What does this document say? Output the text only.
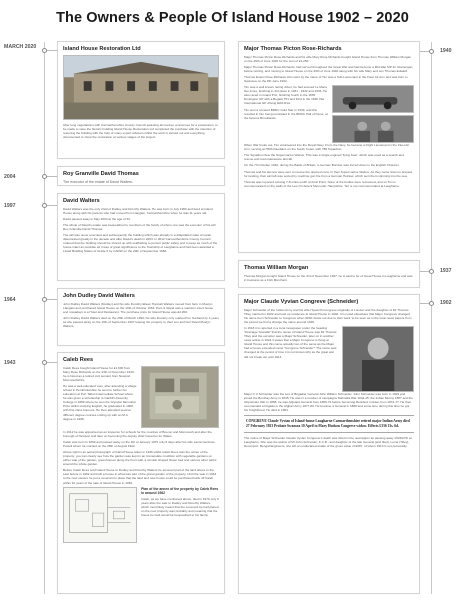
The Owners & People Of Island House 1902 – 2020
MARCH 2020
2004
1997
1964
1943
1940
1937
1902
Island House Restoration Ltd

After long negotiations with Carmarthenshire County Council assisting all manner of avenues for a possession, to be made to save the historic building Island House Restoration Ltd completed the purchase with the intention of restoring the building with the help of many expert advisers whilst the work is carried out and everything documented to show the restoration at various stages of the project.

Roy Granville David Thomas
The executor of the estate of David Walters.
David Walters

David Walters was the only child of Dudley and Dorothy Walters. He was born in July 1960 and lived at Island House along with his parents who had moved from Llangain, Carmarthenshire when he was 11 years old.

David passed away in May 2004 at the age of 43.

The whole of David's estate was bequeathed to members of the family of whom one was the executor of his will Roy Granville David Thomas.

The will was never executed and subsequently the building which was already in a dilapidated state of repair deteriorated greatly in the decade and after David's death in 2004. In 2012 Carmarthenshire County Council ordered that the building should be shored up with scaffolding to protect public safety and to keep as much of the house intact as possible as it was of great significance to the Township of Laugharne and had been awarded a Listed Building Status of Grade II by CADW on the 20th of September 1966.

John Dudley David Walters

John Dudley David Walters (Dudley) and his wife Dorothy Eileen Hannah Walters moved from farm in Moelyn Llangain and purchased Island House on the 19th of October 1964. Part of Island was a mansion sized house and nowadays is a Hotel and Restaurant. The purchase price for Island House was £2,200.

John Dudley David Walters died on the 29th of March 1993; his wife Dorothy only outlived her husband by 4 years as she passed away on the 10th of September 1997 leaving the property to their son and heir David Moelyn Walters.

Caleb Rees

Caleb Rees bought Island House for £1,600 from Mary Rose Richards on the 13th of November 1943, he is listed as a retired civil servant from Newport Monmouthshire.

He was a well-educated man, after attending a village school in Pembrokeshire he went to further his education at Port Talbot Intermediate School where he was given a scholarship to Cardiff University College in 1889 where he won the Glyndwr Memorial Prize whilst studying English, he graduated in 1900 with first class honours. He then attended several different degree courses ending up with an M.A degree in 1908.

In 1912 he was appointed as an inspector for schools for the counties of Brecon and Monmouth and after the borough of Newport and later on becoming the deputy chief inspector for Wales.

Caleb was born in 1869 and passed away on the 4th of January 1970 only 8 days after his wife Laura Gertrude Powell whom he married on the 28th of August 1922.

Above right is an aerial photograph of Island House taken in 1946 whilst Caleb Rees was the owner of the property, you can clearly see how the garden was kept in an immaculate condition with vegetable gardens on either side of the garden, greenhouses along the front wall, a circular shaped flower bed and various other paths around the whole garden.

Before Caleb Rees sold Island House to Dudley and Dorothy Walters he annexed part of the land above to the east before in 1962 and built a house in what was part of the grand garden of the property. Until the sale in 1964 to the new owners he put a covenant in place that the land and new house could be purchased back off Caleb within 10 years of the sale of Island House in 1964.

Plan of the annex of the property by Caleb Rees in around 1962

Caleb, as we have mentioned above, died in 1970 only 6 years after the sale to Dudley and Dorothy Walters which most likely meant that the covenant he had placed on the new property was probably and meaning that the house he built would be bequeathed to his family.

Major Thomas Picton Rose-Richards

Major Thomas Picton Rose-Richards and his wife Mary Rose Richards bought Island House from Thomas William Morgan on the 29th of June 1940 for the sum of £1,250.

Major Thomas Picton Rose-Richards, had served throughout the Great War and had become a Mid-War MP for Glamorgan, before retiring, and moving to Island House on the 29th of June 1940 along with his wife Mary and son Thomas Edward.

Thomas Evans Rose-Richards who went by the name of Tim was a Sub-Lieutenant in the Fleet Air Arm and was born in Swansea on the 8th June 1902.

Tim was a well known racing driver, he had entered Le Mans five times, finishing in 3rd place in 1931 - 1932 and 1933. He also raced in Grand Prix, finishing fourth in the 1935 Donington GP with a Bugatti T51 and third in the 1936 Vila International GP driving ERA R1A.

Tim won a coveted BRDC Gold Star in 1939, and this resulted in him being reinstated in the BRDC Hall of Fame, at the famous Brooklands.

When War broke out, Tim volunteered into the Royal Navy. From the Navy, he became a Flight Lieutenant in the Fleet Air Arm, serving at HMS Daedalus on the South Coast, with 788 Squadron.

The Squadron flew the Supermarine Walrus. This was a single engined 'flying boat', which was used as a search and rescue and reconnaissance aircraft.

On the 7th October 1940, during the Battle of Britain, a German Bomber was forced down in the English Channel.

Thomas and his aircrew were sent to rescue the downed crew. In their Supermarine Walrus, As they came down to prepare for landing, their aircraft was seized by machine gun fire from a German Heinkel, which sent them spinning into the sea.

Thomas was reported missing 7-8 miles south of Anvil Point, None of the bodies were recovered, and so Tim is commemorated on the walls of the Lee-On-Solent Memorial, Hampshire. Tim is not commemorated at Laugharne.

Thomas William Morgan

Thomas Morgan bought Island House on the 3rd of November 1937, he is said to be of Great House in Laugharne and was in business as a Fish Merchant.

Major Claude Vyvian Congreve (Schneider)

Major Schneider of the Indian Army and his wife Hyacinth Congreve originally of London and the daughter of Mr Thomas Tilley married in 1902 and took up residence at Island House in 1902. It is noted elsewhere that Major Congreve changed his name from Schneider to Congreve when WW1 broke out due to their want 'to be seen as in the local news papers from the period we find a change the name around 1920.

In 1918 it is reported in a local newspaper under the heading "Drainage Scandal" that the owner of Island House was Mr Thomas Tilley and the occupier was a Major Schneider, later on in another news article in 1924 it states that a Major Congreve is living at Island House and this name actually two of the same as the Major had a house extended name "Congreve Schneider"! The name was changed at the period of time it is not known why as the great war did not break out until 1914.

Major C.V Schneider was the son of Brigadier General John William Schneider, John Schneider was born in 1829 and joined the Bombay Army in 1845, He was in a number of campaigns Mahratta War 1844-45; the Indian Mutiny 1857 and the Abyssinian War in 1868, he was Adjutant-General from 1869-72 before becoming Resident in Aden from 1872-77. He then commanded a brigade in the Afghan Army 1877-80. He became a General in 1888 and some time during this time he got his Knighthood. He died in 1903.

CONGREVE Claude Vyvian of Island-house Laugharne Carmarthenshire retired major Indian Army died 27 February 1923 Probate Swansea 10 April to Mary Hudson Congreve widow. Effects £336 13s. 6d.

The notice of Major Schneider Claude Vyvian Congreve's death was listed in the newspaper as passing away 1923/27th at Laugharne. She was the widow of Mr John Schneider, K.C.B., and daughter of the late General (and died), Loma (Tilley), Devonport. Bengal Engineers, she left an undeclared estate of the gross value of £397, of whom 1913 is not personally.
